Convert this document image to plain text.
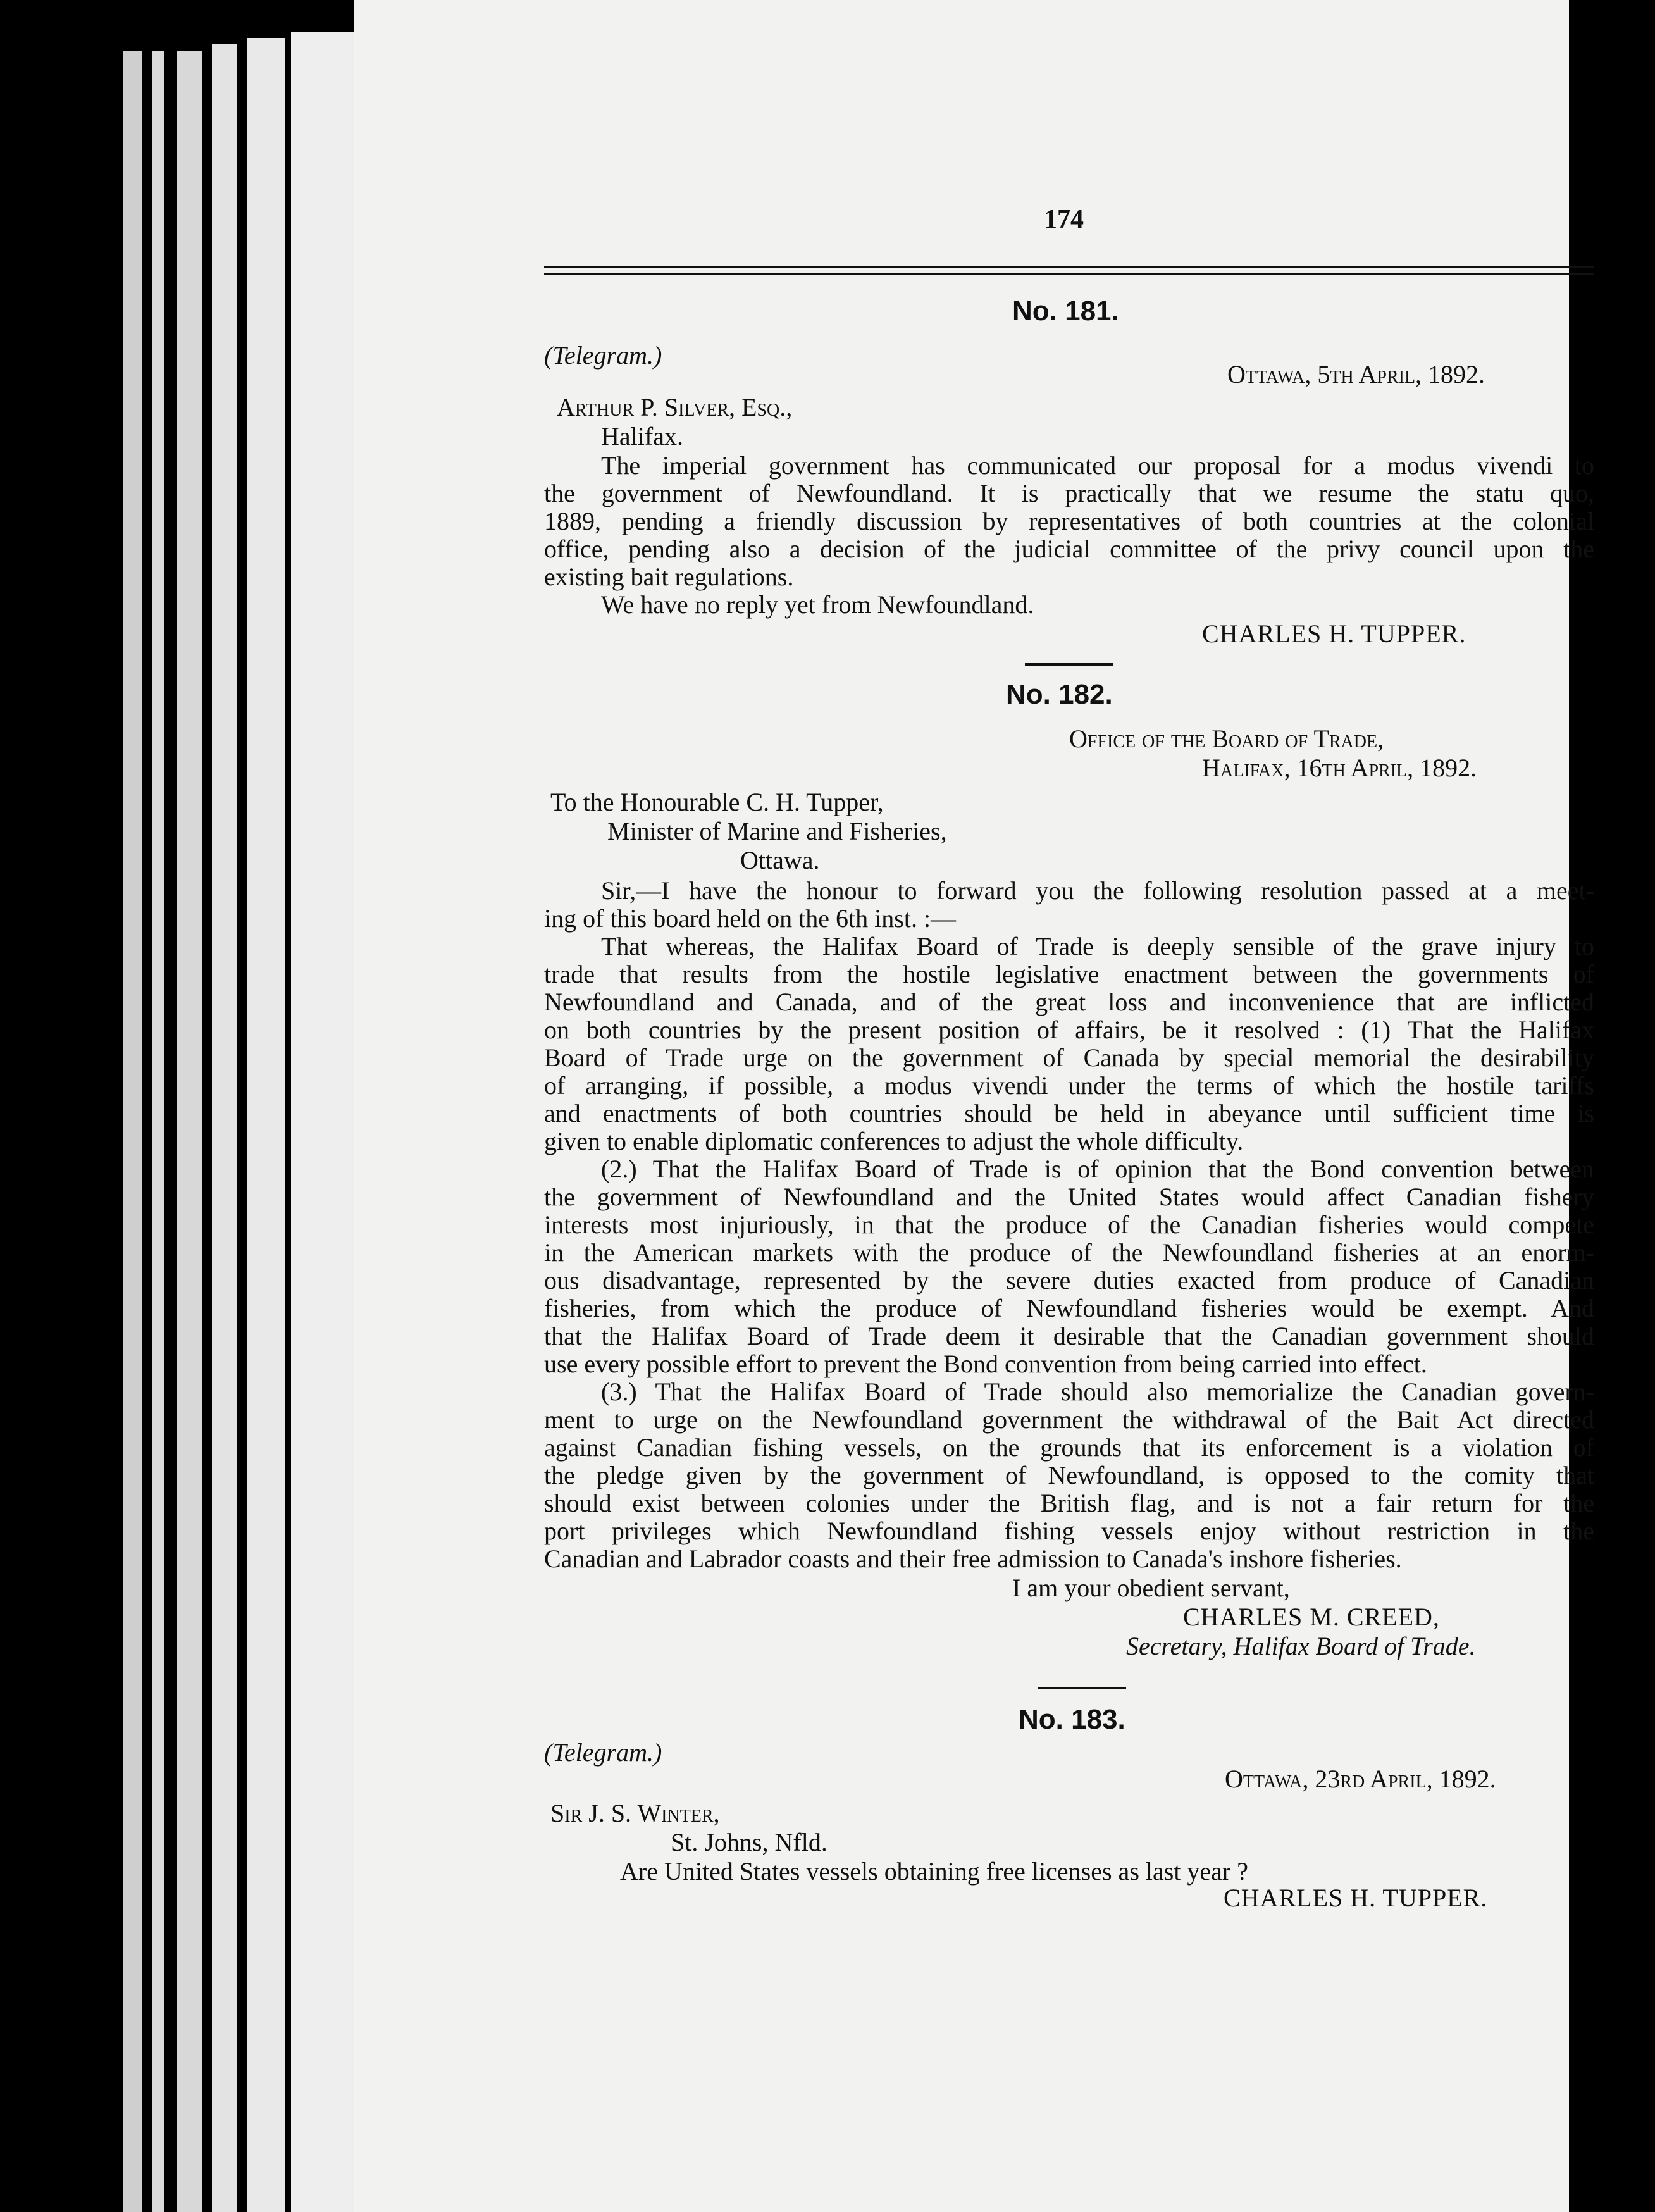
174
No. 181.
(Telegram.)
Ottawa, 5th April, 1892.
Arthur P. Silver, Esq.,
Halifax.
The imperial government has communicated our proposal for a modus vivendi to
the government of Newfoundland. It is practically that we resume the statu quo,
1889, pending a friendly discussion by representatives of both countries at the colonial
office, pending also a decision of the judicial committee of the privy council upon the
existing bait regulations.
We have no reply yet from Newfoundland.
CHARLES H. TUPPER.
No. 182.
Office of the Board of Trade,
Halifax, 16th April, 1892.
To the Honourable C. H. Tupper,
Minister of Marine and Fisheries,
Ottawa.
Sir,—I have the honour to forward you the following resolution passed at a meet-
ing of this board held on the 6th inst. :—
That whereas, the Halifax Board of Trade is deeply sensible of the grave injury to
trade that results from the hostile legislative enactment between the governments of
Newfoundland and Canada, and of the great loss and inconvenience that are inflicted
on both countries by the present position of affairs, be it resolved : (1) That the Halifax
Board of Trade urge on the government of Canada by special memorial the desirability
of arranging, if possible, a modus vivendi under the terms of which the hostile tariffs
and enactments of both countries should be held in abeyance until sufficient time is
given to enable diplomatic conferences to adjust the whole difficulty.
(2.) That the Halifax Board of Trade is of opinion that the Bond convention between
the government of Newfoundland and the United States would affect Canadian fishery
interests most injuriously, in that the produce of the Canadian fisheries would compete
in the American markets with the produce of the Newfoundland fisheries at an enorm-
ous disadvantage, represented by the severe duties exacted from produce of Canadian
fisheries, from which the produce of Newfoundland fisheries would be exempt. And
that the Halifax Board of Trade deem it desirable that the Canadian government should
use every possible effort to prevent the Bond convention from being carried into effect.
(3.) That the Halifax Board of Trade should also memorialize the Canadian govern-
ment to urge on the Newfoundland government the withdrawal of the Bait Act directed
against Canadian fishing vessels, on the grounds that its enforcement is a violation of
the pledge given by the government of Newfoundland, is opposed to the comity that
should exist between colonies under the British flag, and is not a fair return for the
port privileges which Newfoundland fishing vessels enjoy without restriction in the
Canadian and Labrador coasts and their free admission to Canada's inshore fisheries.
I am your obedient servant,
CHARLES M. CREED,
Secretary, Halifax Board of Trade.
No. 183.
(Telegram.)
Ottawa, 23rd April, 1892.
Sir J. S. Winter,
St. Johns, Nfld.
Are United States vessels obtaining free licenses as last year ?
CHARLES H. TUPPER.
